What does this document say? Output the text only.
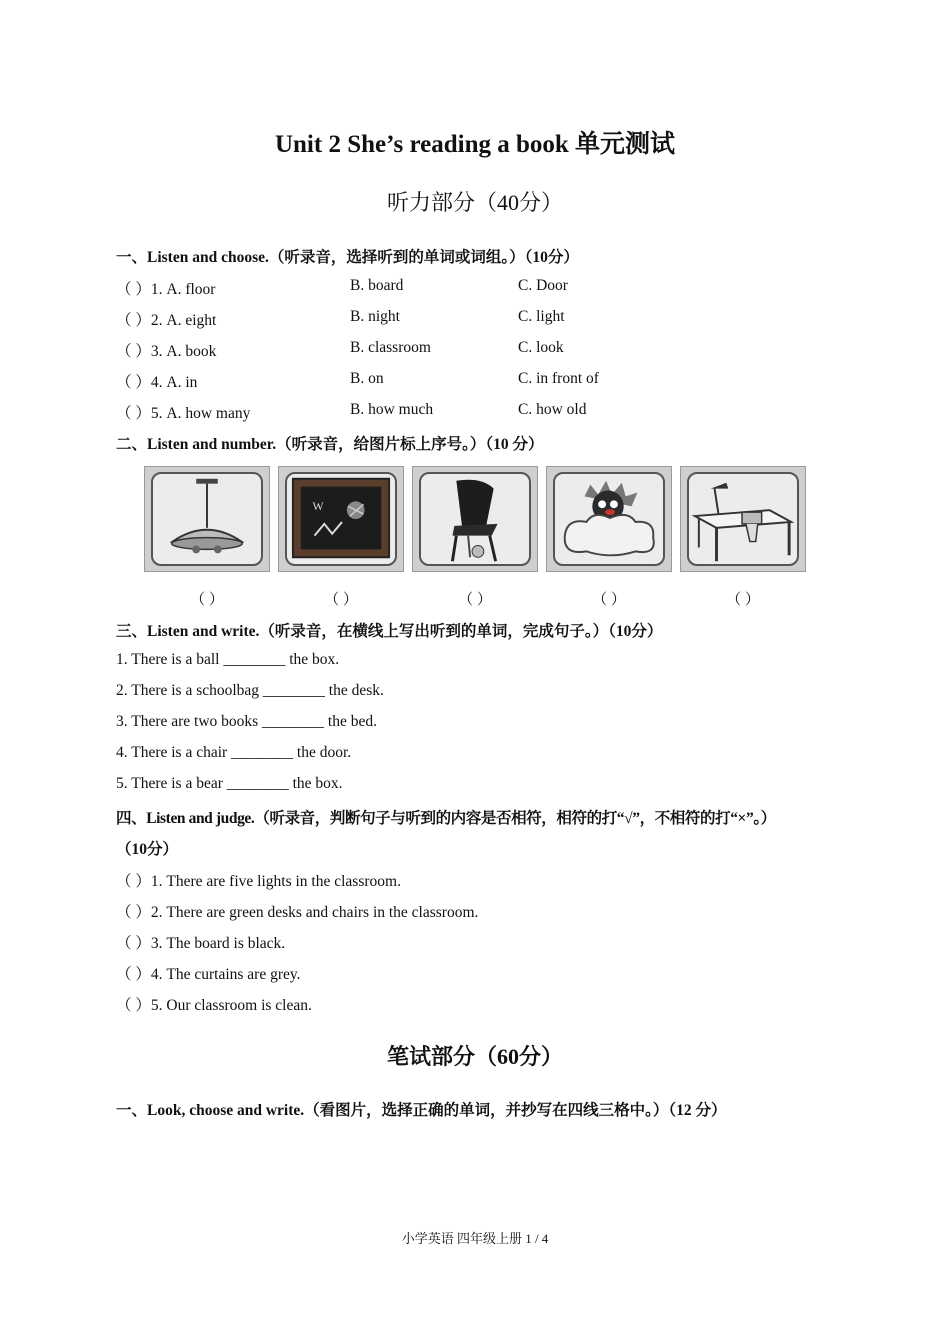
Unit 2 She’s reading a book 单元测试
听力部分（40分）
一、Listen and choose.（听录音，选择听到的单词或词组。）（10分）
（ ）1. A. floor	B. board	C. Door
（ ）2. A. eight	B. night	C. light
（ ）3. A. book	B. classroom	C. look
（ ）4. A. in	B. on	C. in front of
（ ）5. A. how many	B. how much	C. how old
二、Listen and number.（听录音，给图片标上序号。）（10 分）
W
（ ）	（ ）	（ ）	（ ）	（ ）
三、Listen and write.（听录音，在横线上写出听到的单词，完成句子。）（10分）
1. There is a ball ________ the box.
2. There is a schoolbag ________ the desk.
3. There are two books ________ the bed.
4. There is a chair ________ the door.
5. There is a bear ________ the box.
四、Listen and judge.（听录音，判断句子与听到的内容是否相符，相符的打“√”，不相符的打“×”。）
（10分）
（ ）1. There are five lights in the classroom.
（ ）2. There are green desks and chairs in the classroom.
（ ）3. The board is black.
（ ）4. The curtains are grey.
（ ）5. Our classroom is clean.
笔试部分（60分）
一、Look, choose and write.（看图片，选择正确的单词，并抄写在四线三格中。）（12 分）
小学英语 四年级上册 1 / 4
